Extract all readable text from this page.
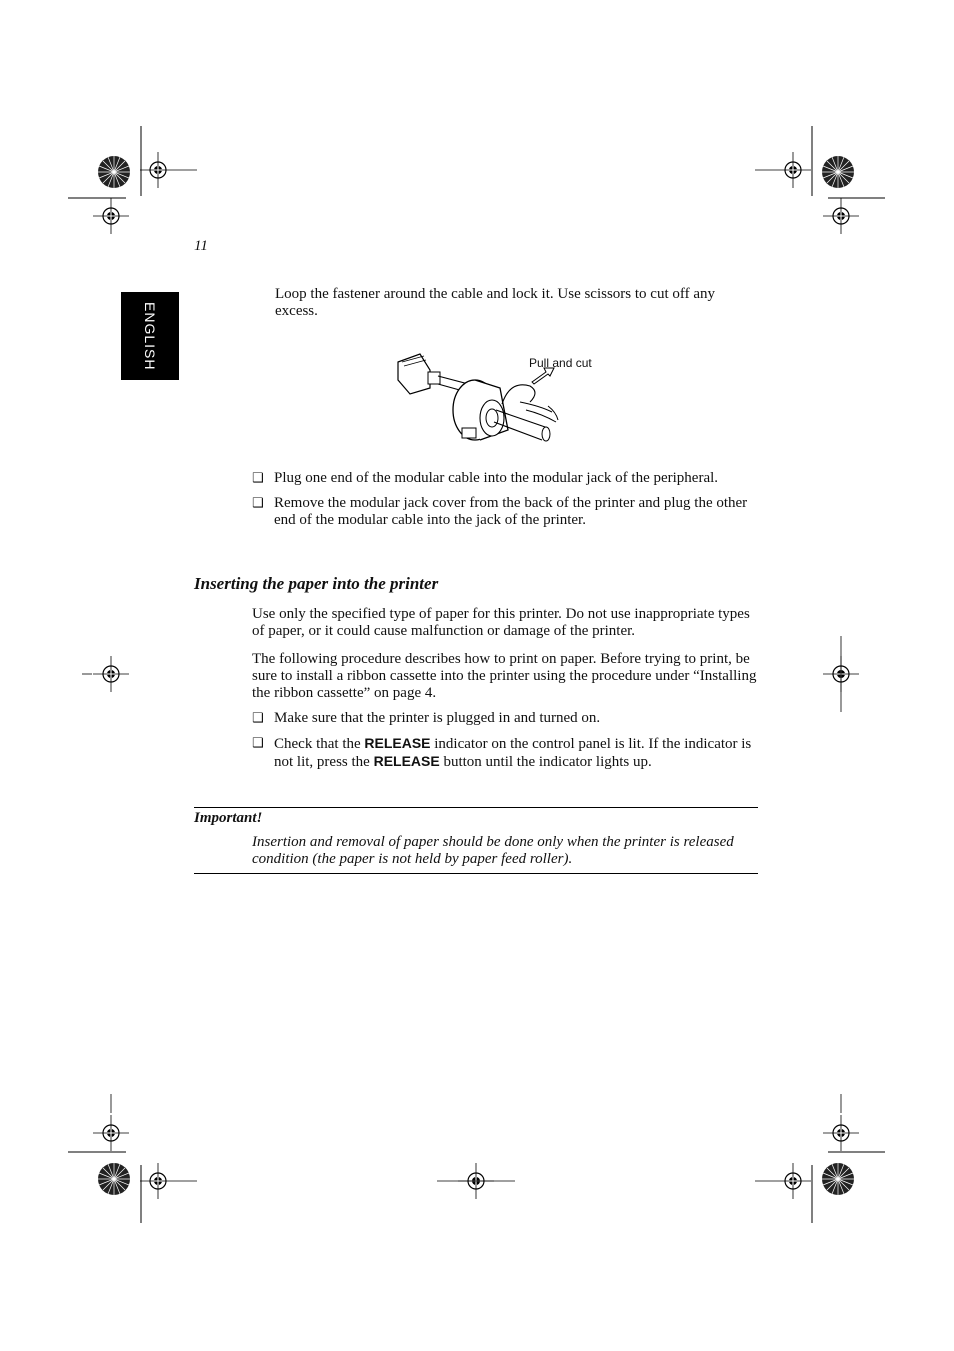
11
ENGLISH
Loop the fastener around the cable and lock it. Use scissors to cut off any excess.
Pull and cut
❑ Plug one end of the modular cable into the modular jack of the peripheral.
❑ Remove the modular jack cover from the back of the printer and plug the other end of the modular cable into the jack of the printer.
Inserting the paper into the printer
Use only the specified type of paper for this printer. Do not use inappropriate types of paper, or it could cause malfunction or damage of the printer.
The following procedure describes how to print on paper. Before trying to print, be sure to install a ribbon cassette into the printer using the procedure under “Installing the ribbon cassette” on page 4.
❑ Make sure that the printer is plugged in and turned on.
❑ Check that the RELEASE indicator on the control panel is lit. If the indicator is not lit, press the RELEASE button until the indicator lights up.
Important!
Insertion and removal of paper should be done only when the printer is released condition (the paper is not held by paper feed roller).
